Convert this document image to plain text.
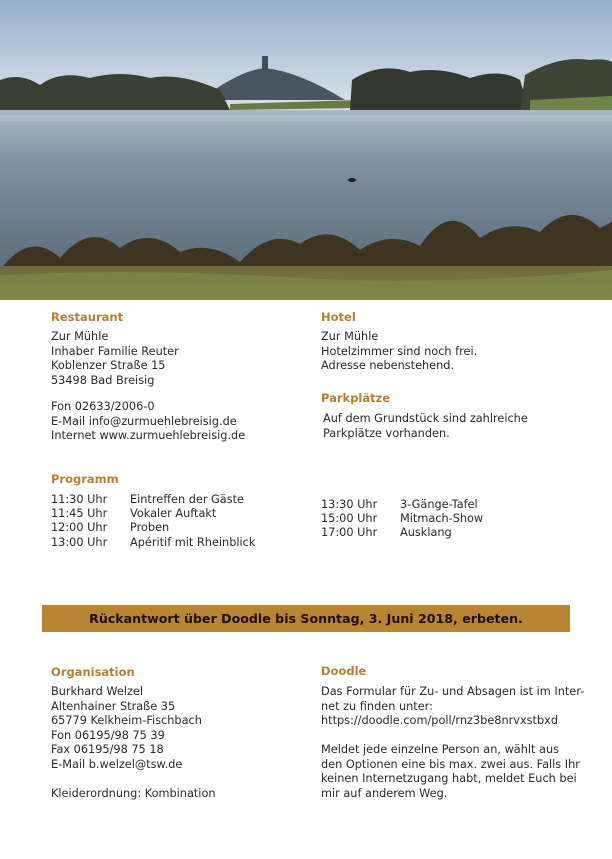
Restaurant
Zur Mühle
Inhaber Familie Reuter
Koblenzer Straße 15
53498 Bad Breisig
Fon 02633/2006-0
E-Mail info@zurmuehlebreisig.de
Internet www.zurmuehlebreisig.de
Hotel
Zur Mühle
Hotelzimmer sind noch frei.
Adresse nebenstehend.
Parkplätze
Auf dem Grundstück sind zahlreiche
Parkplätze vorhanden.
Programm
11:30 Uhr	Eintreffen der Gäste
11:45 Uhr	Vokaler Auftakt
12:00 Uhr	Proben
13:00 Uhr	Apéritif mit Rheinblick
13:30 Uhr	3-Gänge-Tafel
15:00 Uhr	Mitmach-Show
17:00 Uhr	Ausklang
Rückantwort über Doodle bis Sonntag, 3. Juni 2018, erbeten.
Organisation
Burkhard Welzel
Altenhainer Straße 35
65779 Kelkheim-Fischbach
Fon 06195/98 75 39
Fax 06195/98 75 18
E-Mail b.welzel@tsw.de
Kleiderordnung: Kombination
Doodle
Das Formular für Zu- und Absagen ist im Inter-
net zu finden unter:
https://doodle.com/poll/rnz3be8nrvxstbxd
Meldet jede einzelne Person an, wählt aus
den Optionen eine bis max. zwei aus. Falls Ihr
keinen Internetzugang habt, meldet Euch bei
mir auf anderem Weg.
